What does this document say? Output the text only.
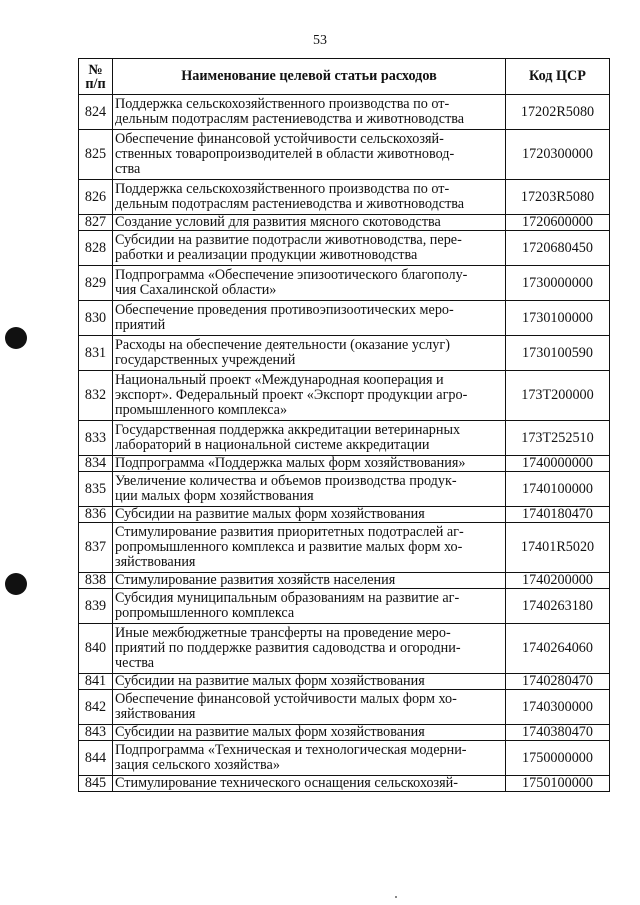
53
№
п/п	Наименование целевой статьи расходов	Код ЦСР
824	Поддержка сельскохозяйственного производства по от-
дельным подотраслям растениеводства и животноводства	17202R5080
825	Обеспечение финансовой устойчивости сельскохозяй-
ственных товаропроизводителей в области животновод-
ства	1720300000
826	Поддержка сельскохозяйственного производства по от-
дельным подотраслям растениеводства и животноводства	17203R5080
827	Создание условий для развития мясного скотоводства	1720600000
828	Субсидии на развитие подотрасли животноводства, пере-
работки и реализации продукции животноводства	1720680450
829	Подпрограмма «Обеспечение эпизоотического благополу-
чия Сахалинской области»	1730000000
830	Обеспечение проведения противоэпизоотических меро-
приятий	1730100000
831	Расходы на обеспечение деятельности (оказание услуг)
государственных учреждений	1730100590
832	Национальный проект «Международная кооперация и
экспорт». Федеральный проект «Экспорт продукции агро-
промышленного комплекса»	173T200000
833	Государственная поддержка аккредитации ветеринарных
лабораторий в национальной системе аккредитации	173T252510
834	Подпрограмма «Поддержка малых форм хозяйствования»	1740000000
835	Увеличение количества и объемов производства продук-
ции малых форм хозяйствования	1740100000
836	Субсидии на развитие малых форм хозяйствования	1740180470
837	Стимулирование развития приоритетных подотраслей аг-
ропромышленного комплекса и развитие малых форм хо-
зяйствования	17401R5020
838	Стимулирование развития хозяйств населения	1740200000
839	Субсидия муниципальным образованиям на развитие аг-
ропромышленного комплекса	1740263180
840	Иные межбюджетные трансферты на проведение меро-
приятий по поддержке развития садоводства и огородни-
чества	1740264060
841	Субсидии на развитие малых форм хозяйствования	1740280470
842	Обеспечение финансовой устойчивости малых форм хо-
зяйствования	1740300000
843	Субсидии на развитие малых форм хозяйствования	1740380470
844	Подпрограмма «Техническая и технологическая модерни-
зация сельского хозяйства»	1750000000
845	Стимулирование технического оснащения сельскохозяй-	1750100000
